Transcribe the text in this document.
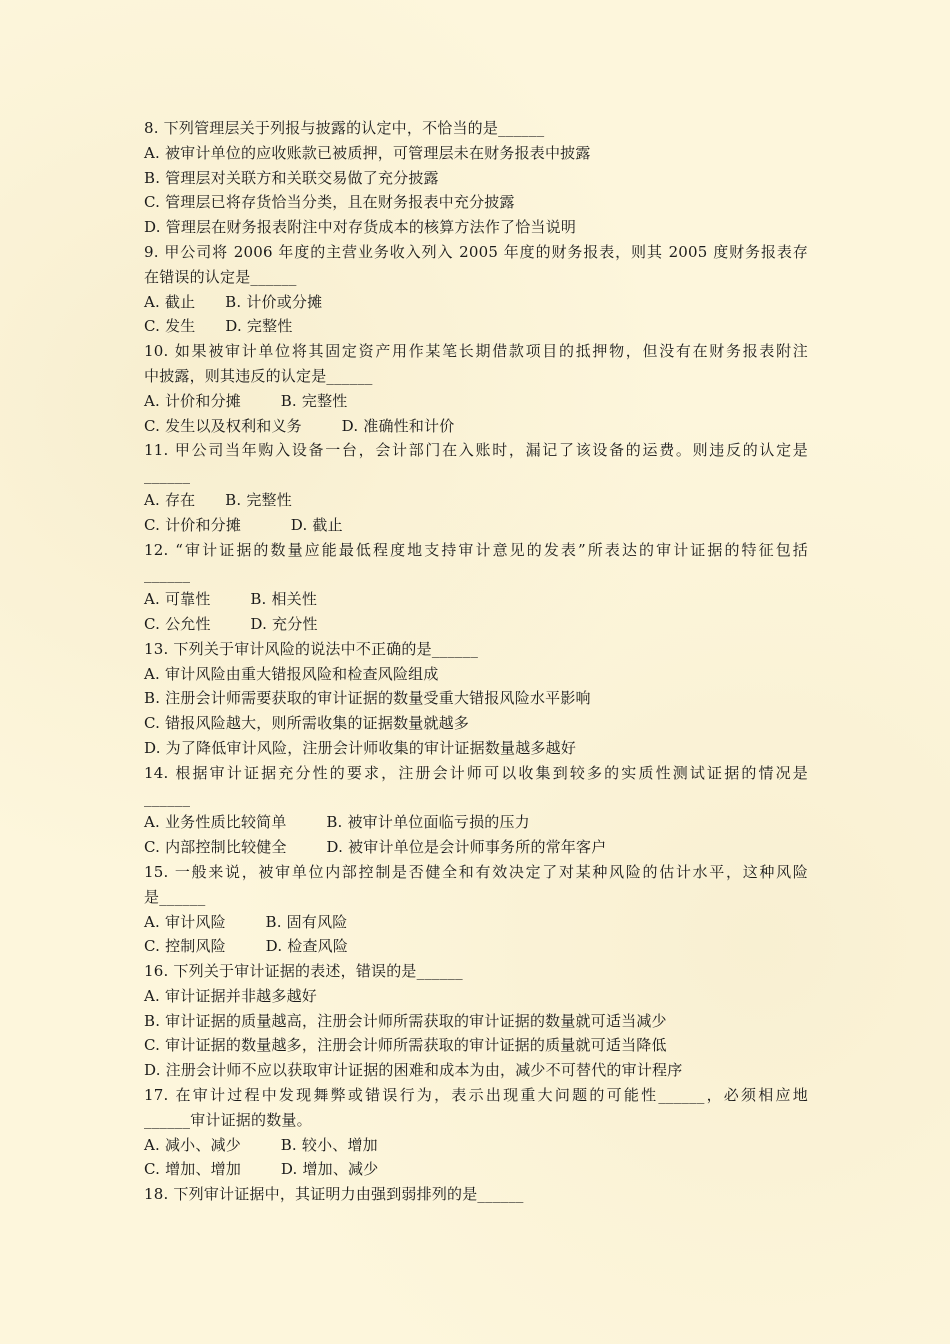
8. 下列管理层关于列报与披露的认定中，不恰当的是______
A. 被审计单位的应收账款已被质押，可管理层未在财务报表中披露
B. 管理层对关联方和关联交易做了充分披露
C. 管理层已将存货恰当分类，且在财务报表中充分披露
D. 管理层在财务报表附注中对存货成本的核算方法作了恰当说明
9. 甲公司将 2006 年度的主营业务收入列入 2005 年度的财务报表，则其 2005 度财务报表存
在错误的认定是______
A. 截止      B. 计价或分摊
C. 发生      D. 完整性
10. 如果被审计单位将其固定资产用作某笔长期借款项目的抵押物，但没有在财务报表附注
中披露，则其违反的认定是______
A. 计价和分摊        B. 完整性
C. 发生以及权利和义务        D. 准确性和计价
11. 甲公司当年购入设备一台，会计部门在入账时，漏记了该设备的运费。则违反的认定是
______
A. 存在      B. 完整性
C. 计价和分摊          D. 截止
12. “审计证据的数量应能最低程度地支持审计意见的发表”所表达的审计证据的特征包括
______
A. 可靠性        B. 相关性
C. 公允性        D. 充分性
13. 下列关于审计风险的说法中不正确的是______
A. 审计风险由重大错报风险和检查风险组成
B. 注册会计师需要获取的审计证据的数量受重大错报风险水平影响
C. 错报风险越大，则所需收集的证据数量就越多
D. 为了降低审计风险，注册会计师收集的审计证据数量越多越好
14. 根据审计证据充分性的要求，注册会计师可以收集到较多的实质性测试证据的情况是
______
A. 业务性质比较简单        B. 被审计单位面临亏损的压力
C. 内部控制比较健全        D. 被审计单位是会计师事务所的常年客户
15. 一般来说，被审单位内部控制是否健全和有效决定了对某种风险的估计水平，这种风险
是______
A. 审计风险        B. 固有风险
C. 控制风险        D. 检查风险
16. 下列关于审计证据的表述，错误的是______
A. 审计证据并非越多越好
B. 审计证据的质量越高，注册会计师所需获取的审计证据的数量就可适当减少
C. 审计证据的数量越多，注册会计师所需获取的审计证据的质量就可适当降低
D. 注册会计师不应以获取审计证据的困难和成本为由，减少不可替代的审计程序
17. 在审计过程中发现舞弊或错误行为，表示出现重大问题的可能性______，必须相应地
______审计证据的数量。
A. 减小、减少        B. 较小、增加
C. 增加、增加        D. 增加、减少
18. 下列审计证据中，其证明力由强到弱排列的是______
